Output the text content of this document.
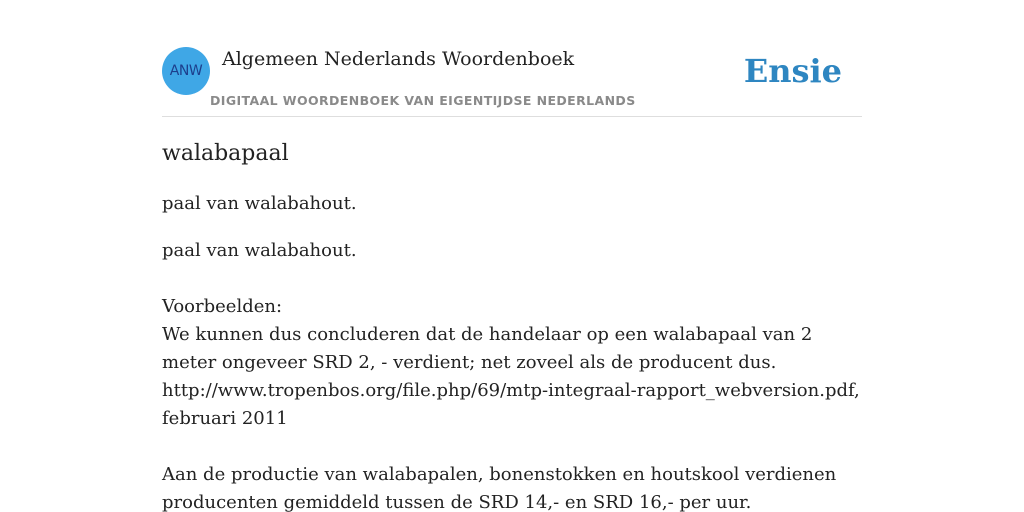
ANW
Algemeen Nederlands Woordenboek
DIGITAAL WOORDENBOEK VAN EIGENTIJDSE NEDERLANDS
Ensie
walabapaal

paal van walabahout.

paal van walabahout.
Voorbeelden:
We kunnen dus concluderen dat de handelaar op een walabapaal van 2 meter ongeveer SRD 2, - verdient; net zoveel als de producent dus. http://www.tropenbos.org/file.php/69/mtp-integraal-rapport_webversion.pdf, februari 2011
Aan de productie van walabapalen, bonenstokken en houtskool verdienen producenten gemiddeld tussen de SRD 14,- en SRD 16,- per uur.
